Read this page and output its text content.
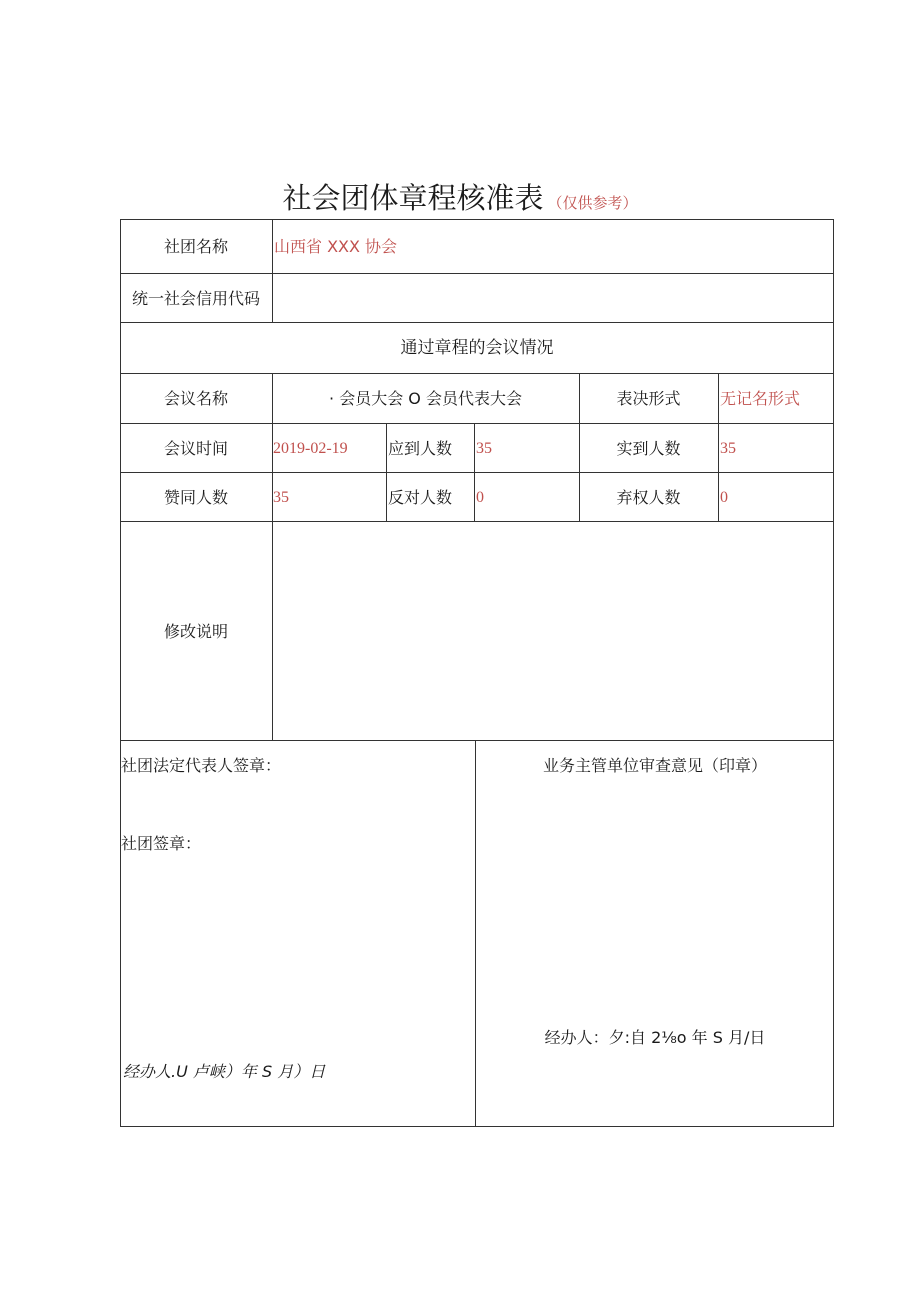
社会团体章程核准表 （仅供参考）
社团名称	山西省 XXX 协会
统一社会信用代码
通过章程的会议情况
会议名称	· 会员大会 O 会员代表大会	表决形式	无记名形式
会议时间	2019-02-19	应到人数 35	实到人数	35
赞同人数	35	反对人数 0	弃权人数	0
修改说明
社团法定代表人签章：
社团签章：
经办人.U 卢峡）年 S 月）日
业务主管单位审查意见（印章）
经办人：夕:自 2⅛o 年 S 月/日
